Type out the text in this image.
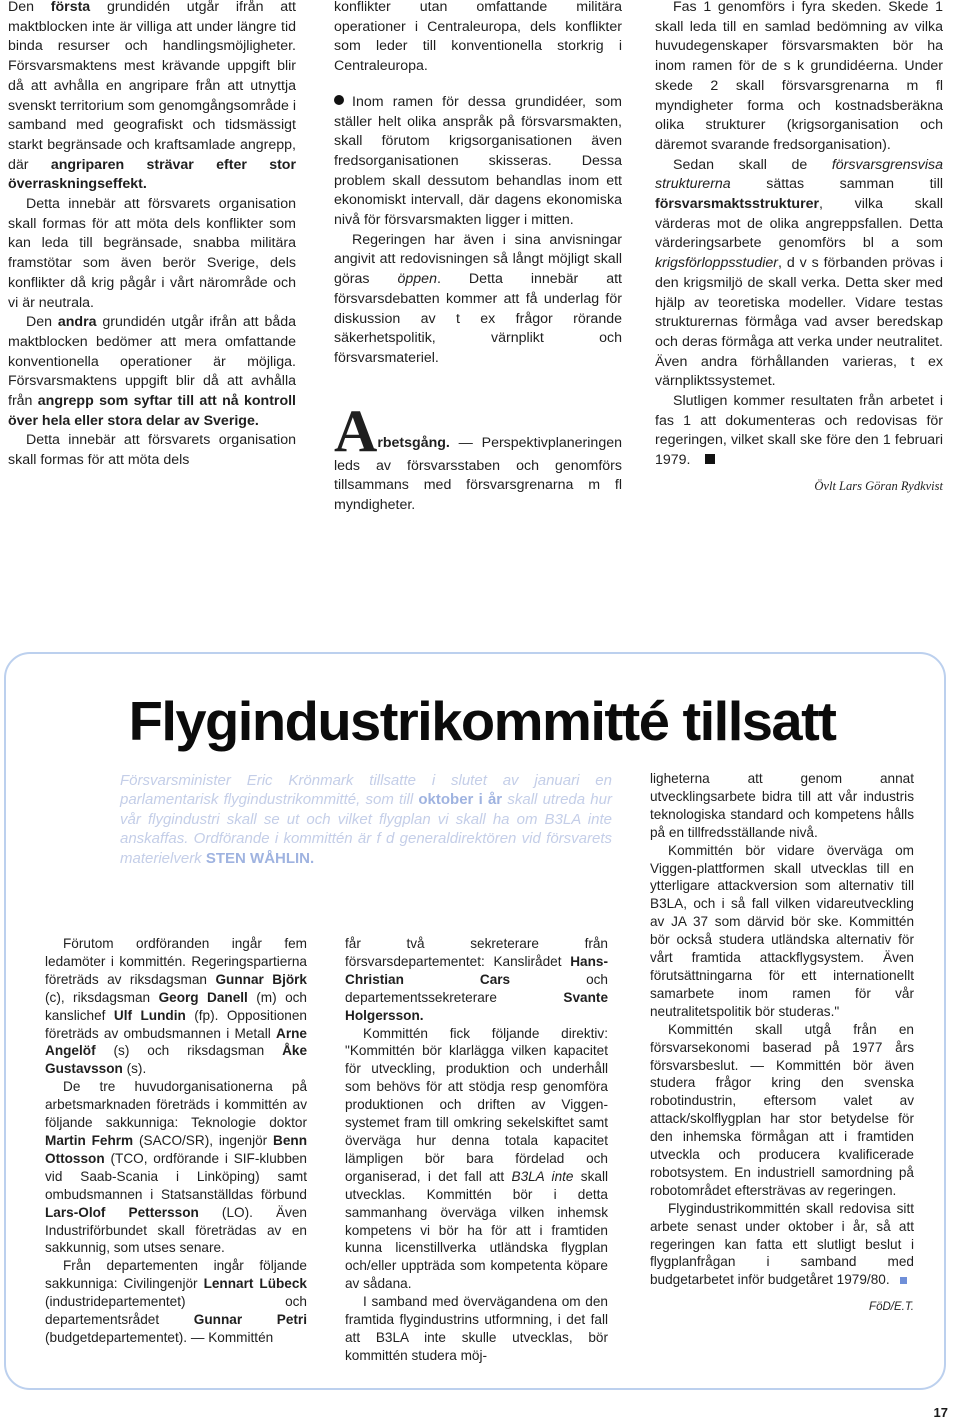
Den första grundidén utgår ifrån att maktblocken inte är villiga att under längre tid binda resurser och handlingsmöjligheter. Försvarsmaktens mest krävande uppgift blir då att avhålla en angripare från att utnyttja svenskt territorium som genomgångsområde i samband med geografiskt och tidsmässigt starkt begränsade och kraftsamlade angrepp, där angriparen strävar efter stor överraskningseffekt.

Detta innebär att försvarets organisation skall formas för att möta dels konflikter som kan leda till begränsade, snabba militära framstötar som även berör Sverige, dels konflikter då krig pågår i vårt närområde och vi är neutrala.

Den andra grundidén utgår ifrån att båda maktblocken bedömer att mera omfattande konventionella operationer är möjliga. Försvarsmaktens uppgift blir då att avhålla från angrepp som syftar till att nå kontroll över hela eller stora delar av Sverige.

Detta innebär att försvarets organisation skall formas för att möta dels

konflikter utan omfattande militära operationer i Centraleuropa, dels konflikter som leder till konventionella storkrig i Centraleuropa.

Inom ramen för dessa grundidéer, som ställer helt olika anspråk på försvarsmakten, skall förutom krigsorganisationen även fredsorganisationen skisseras. Dessa problem skall dessutom behandlas inom ett ekonomiskt intervall, där dagens ekonomiska nivå för försvarsmakten ligger i mitten.

Regeringen har även i sina anvisningar angivit att redovisningen så långt möjligt skall göras öppen. Detta innebär att försvarsdebatten kommer att få underlag för diskussion av t ex frågor rörande säkerhetspolitik, värnplikt och försvarsmateriel.

Arbetsgång. — Perspektivplaneringen leds av försvarsstaben och genomförs tillsammans med försvarsgrenarna m fl myndigheter.

Fas 1 genomförs i fyra skeden. Skede 1 skall leda till en samlad bedömning av vilka huvudegenskaper försvarsmakten bör ha inom ramen för de s k grundidéerna. Under skede 2 skall försvarsgrenarna m fl myndigheter forma och kostnadsberäkna olika strukturer (krigsorganisation och däremot svarande fredsorganisation).

Sedan skall de försvarsgrensvisa strukturerna sättas samman till försvarsmaktsstrukturer, vilka skall värderas mot de olika angreppsfallen. Detta värderingsarbete genomförs bl a som krigsförloppsstudier, d v s förbanden prövas i den krigsmiljö de skall verka. Detta sker med hjälp av teoretiska modeller. Vidare testas strukturernas förmåga vad avser beredskap och deras förmåga att verka under neutralitet. Även andra förhållanden varieras, t ex värnpliktssystemet.

Slutligen kommer resultaten från arbetet i fas 1 att dokumenteras och redovisas för regeringen, vilket skall ske före den 1 februari 1979.

Övlt Lars Göran Rydkvist
Flygindustrikommitté tillsatt
Försvarsminister Eric Krönmark tillsatte i slutet av januari en parlamentarisk flygindustrikommitté, som till oktober i år skall utreda hur vår flygindustri skall se ut och vilket flygplan vi skall ha om B3LA inte anskaffas. Ordförande i kommittén är f d generaldirektören vid försvarets materielverk STEN WÅHLIN.

Förutom ordföranden ingår fem ledamöter i kommittén. Regeringspartierna företräds av riksdagsman Gunnar Björk (c), riksdagsman Georg Danell (m) och kanslichef Ulf Lundin (fp). Oppositionen företräds av ombudsmannen i Metall Arne Angelöf (s) och riksdagsman Åke Gustavsson (s).

De tre huvudorganisationerna på arbetsmarknaden företräds i kommittén av följande sakkunniga: Teknologie doktor Martin Fehrm (SACO/SR), ingenjör Benn Ottosson (TCO, ordförande i SIF-klubben vid Saab-Scania i Linköping) samt ombudsmannen i Statsanställdas förbund Lars-Olof Pettersson (LO). Även Industriförbundet skall företrädas av en sakkunnig, som utses senare.

Från departementen ingår följande sakkunniga: Civilingenjör Lennart Lübeck (industridepartementet) och departementsrådet Gunnar Petri (budgetdepartementet). — Kommittén

får två sekreterare från försvarsdepartementet: Kanslirådet Hans-Christian Cars och departementssekreterare Svante Holgersson.

Kommittén fick följande direktiv: "Kommittén bör klarlägga vilken kapacitet för utveckling, produktion och underhåll som behövs för att stödja resp genomföra produktionen och driften av Viggen-systemet fram till omkring sekelskiftet samt överväga hur denna totala kapacitet lämpligen bör bara fördelad och organiserad, i det fall att B3LA inte skall utvecklas. Kommittén bör i detta sammanhang överväga vilken inhemsk kompetens vi bör ha för att i framtiden kunna licenstillverka utländska flygplan och/eller uppträda som kompetenta köpare av sådana.

I samband med övervägandena om den framtida flygindustrins utformning, i det fall att B3LA inte skulle utvecklas, bör kommittén studera möj-

ligheterna att genom annat utvecklingsarbete bidra till att vår industris teknologiska standard och kompetens hålls på en tillfredsställande nivå.

Kommittén bör vidare överväga om Viggen-plattformen skall utvecklas till en ytterligare attackversion som alternativ till B3LA, och i så fall vilken vidareutveckling av JA 37 som därvid bör ske. Kommittén bör också studera utländska alternativ för vårt framtida attackflygsystem. Även förutsättningarna för ett internationellt samarbete inom ramen för vår neutralitetspolitik bör studeras."

Kommittén skall utgå från en försvarsekonomi baserad på 1977 års försvarsbeslut. — Kommittén bör även studera frågor kring den svenska robotindustrin, eftersom valet av attack/skolflygplan har stor betydelse för den inhemska förmågan att i framtiden utveckla och producera kvalificerade robotsystem. En industriell samordning på robotområdet eftersträvas av regeringen.

Flygindustrikommittén skall redovisa sitt arbete senast under oktober i år, så att regeringen kan fatta ett slutligt beslut i flygplanfrågan i samband med budgetarbetet inför budgetåret 1979/80.

FöD/E.T.
17
